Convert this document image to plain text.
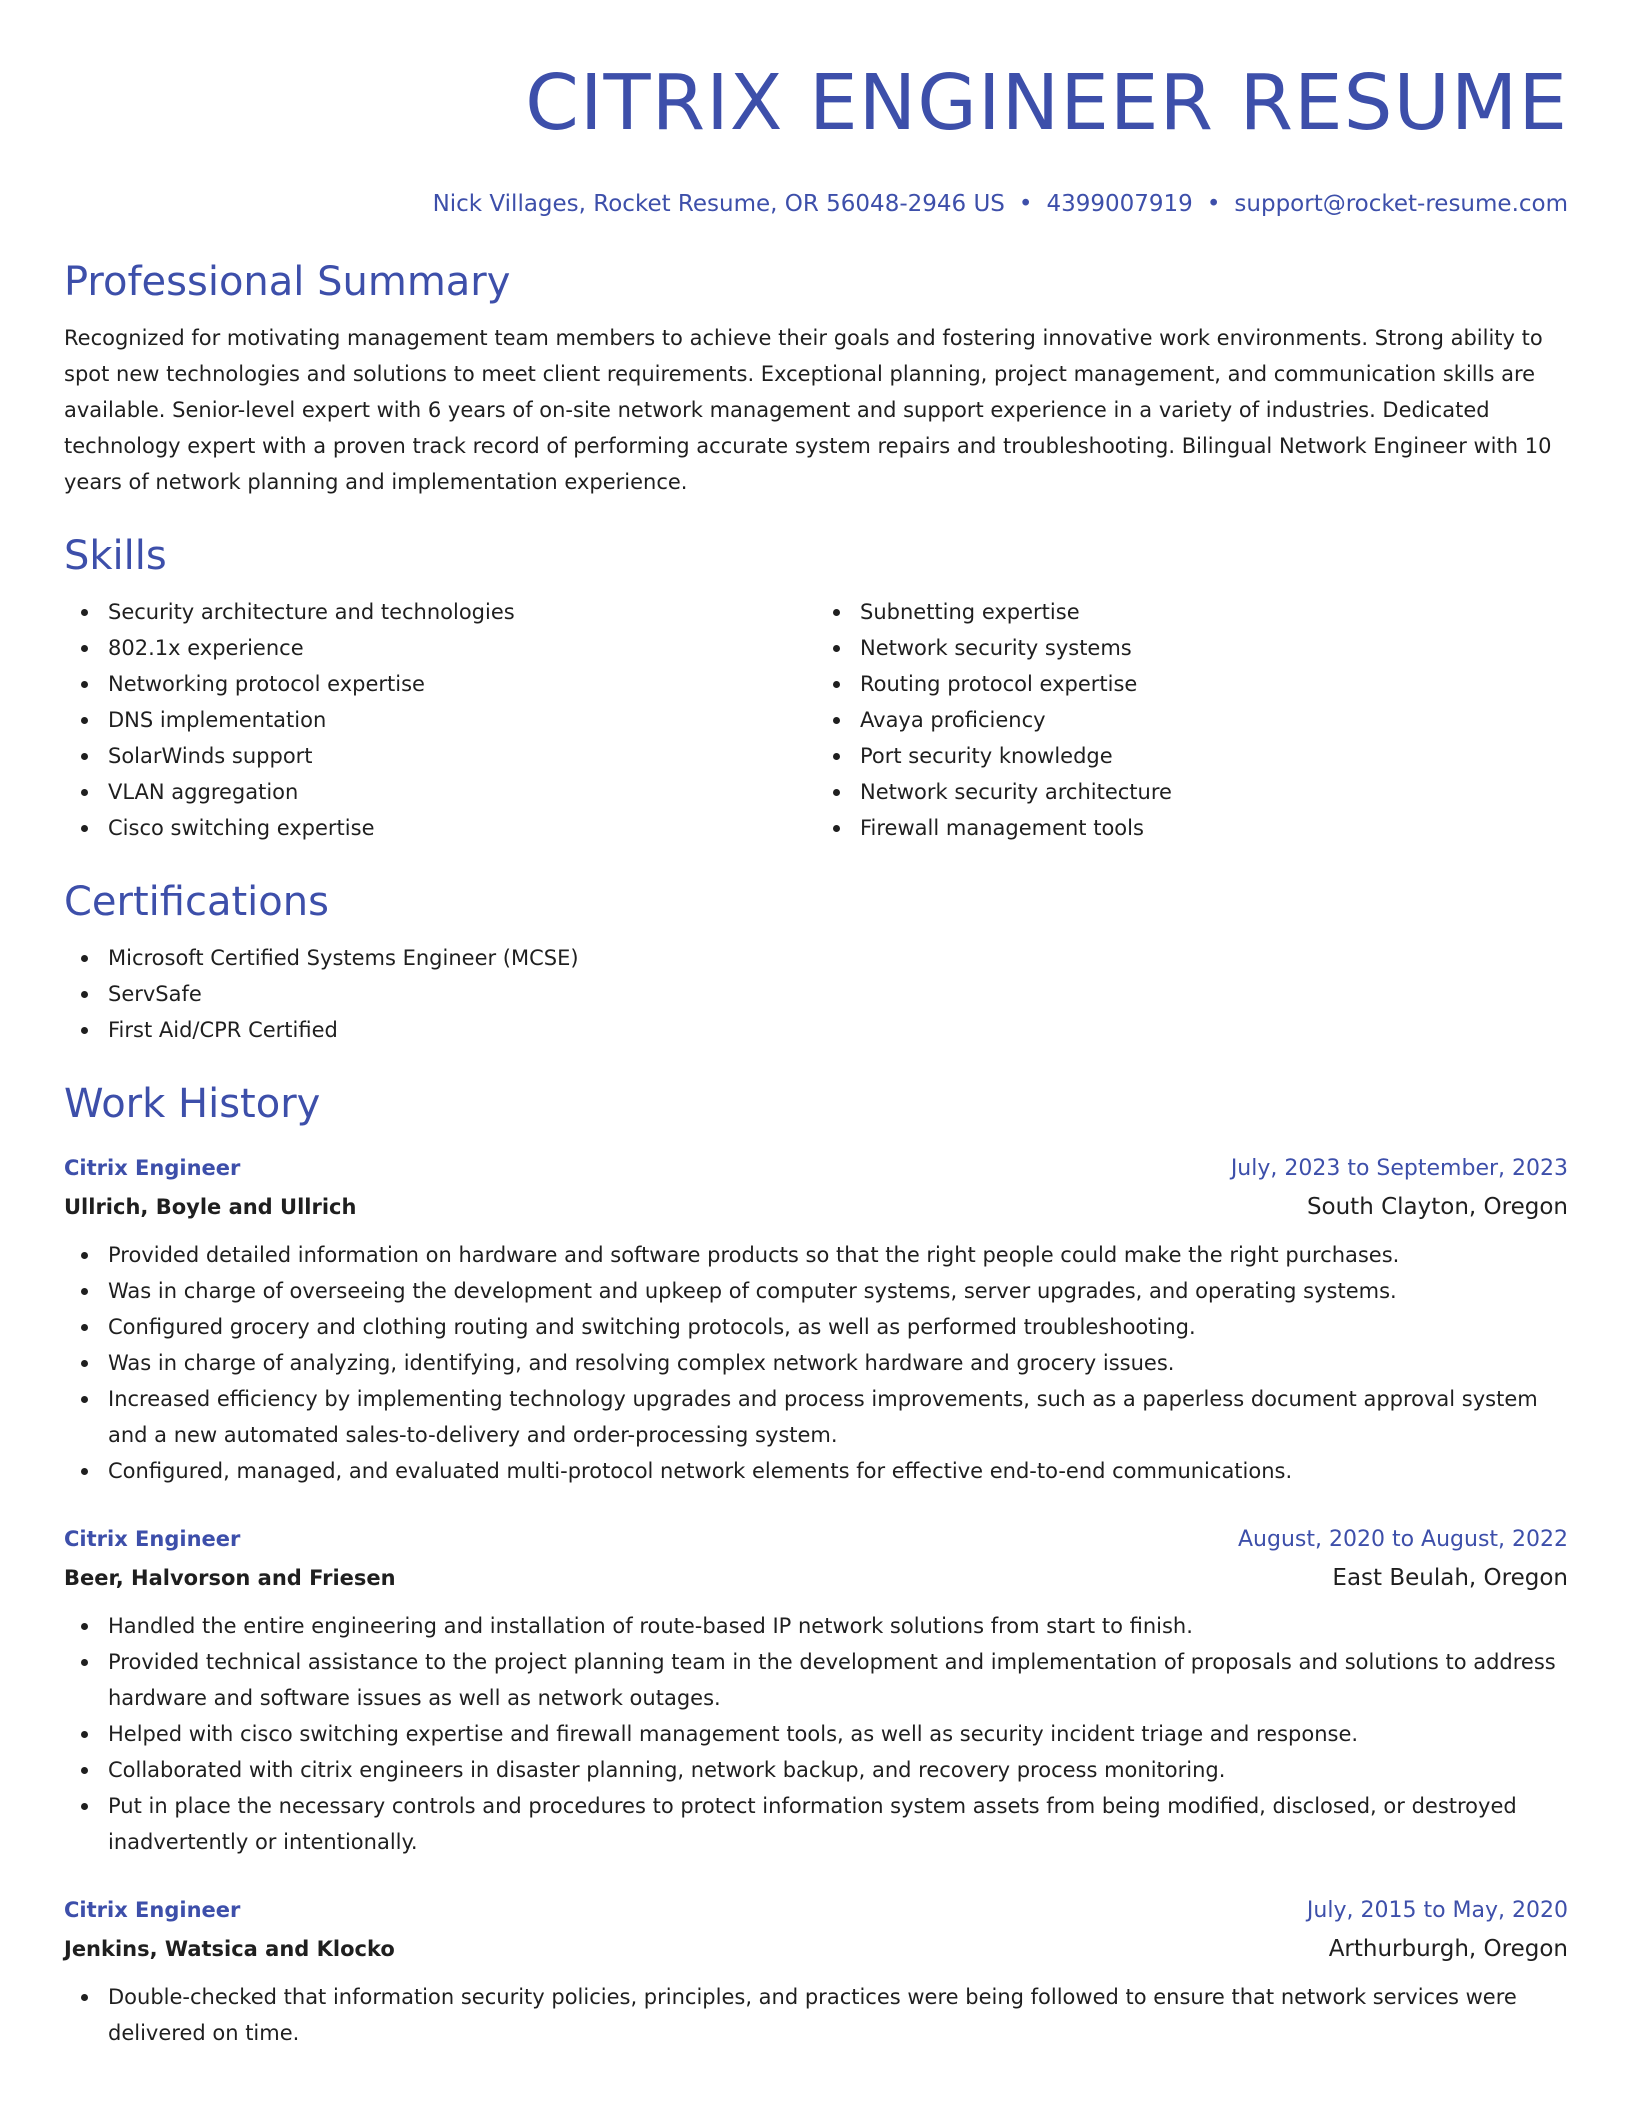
CITRIX ENGINEER RESUME
Nick Villages, Rocket Resume, OR 56048-2946 US • 4399007919 • support@rocket-resume.com
Professional Summary
Recognized for motivating management team members to achieve their goals and fostering innovative work environments. Strong ability to spot new technologies and solutions to meet client requirements. Exceptional planning, project management, and communication skills are available. Senior-level expert with 6 years of on-site network management and support experience in a variety of industries. Dedicated technology expert with a proven track record of performing accurate system repairs and troubleshooting. Bilingual Network Engineer with 10 years of network planning and implementation experience.
Skills
Security architecture and technologies
802.1x experience
Networking protocol expertise
DNS implementation
SolarWinds support
VLAN aggregation
Cisco switching expertise
Subnetting expertise
Network security systems
Routing protocol expertise
Avaya proficiency
Port security knowledge
Network security architecture
Firewall management tools
Certifications
Microsoft Certified Systems Engineer (MCSE)
ServSafe
First Aid/CPR Certified
Work History
Citrix Engineer	July, 2023 to September, 2023
Ullrich, Boyle and Ullrich	South Clayton, Oregon
Provided detailed information on hardware and software products so that the right people could make the right purchases.
Was in charge of overseeing the development and upkeep of computer systems, server upgrades, and operating systems.
Configured grocery and clothing routing and switching protocols, as well as performed troubleshooting.
Was in charge of analyzing, identifying, and resolving complex network hardware and grocery issues.
Increased efficiency by implementing technology upgrades and process improvements, such as a paperless document approval system and a new automated sales-to-delivery and order-processing system.
Configured, managed, and evaluated multi-protocol network elements for effective end-to-end communications.
Citrix Engineer	August, 2020 to August, 2022
Beer, Halvorson and Friesen	East Beulah, Oregon
Handled the entire engineering and installation of route-based IP network solutions from start to finish.
Provided technical assistance to the project planning team in the development and implementation of proposals and solutions to address hardware and software issues as well as network outages.
Helped with cisco switching expertise and firewall management tools, as well as security incident triage and response.
Collaborated with citrix engineers in disaster planning, network backup, and recovery process monitoring.
Put in place the necessary controls and procedures to protect information system assets from being modified, disclosed, or destroyed inadvertently or intentionally.
Citrix Engineer	July, 2015 to May, 2020
Jenkins, Watsica and Klocko	Arthurburgh, Oregon
Double-checked that information security policies, principles, and practices were being followed to ensure that network services were delivered on time.
